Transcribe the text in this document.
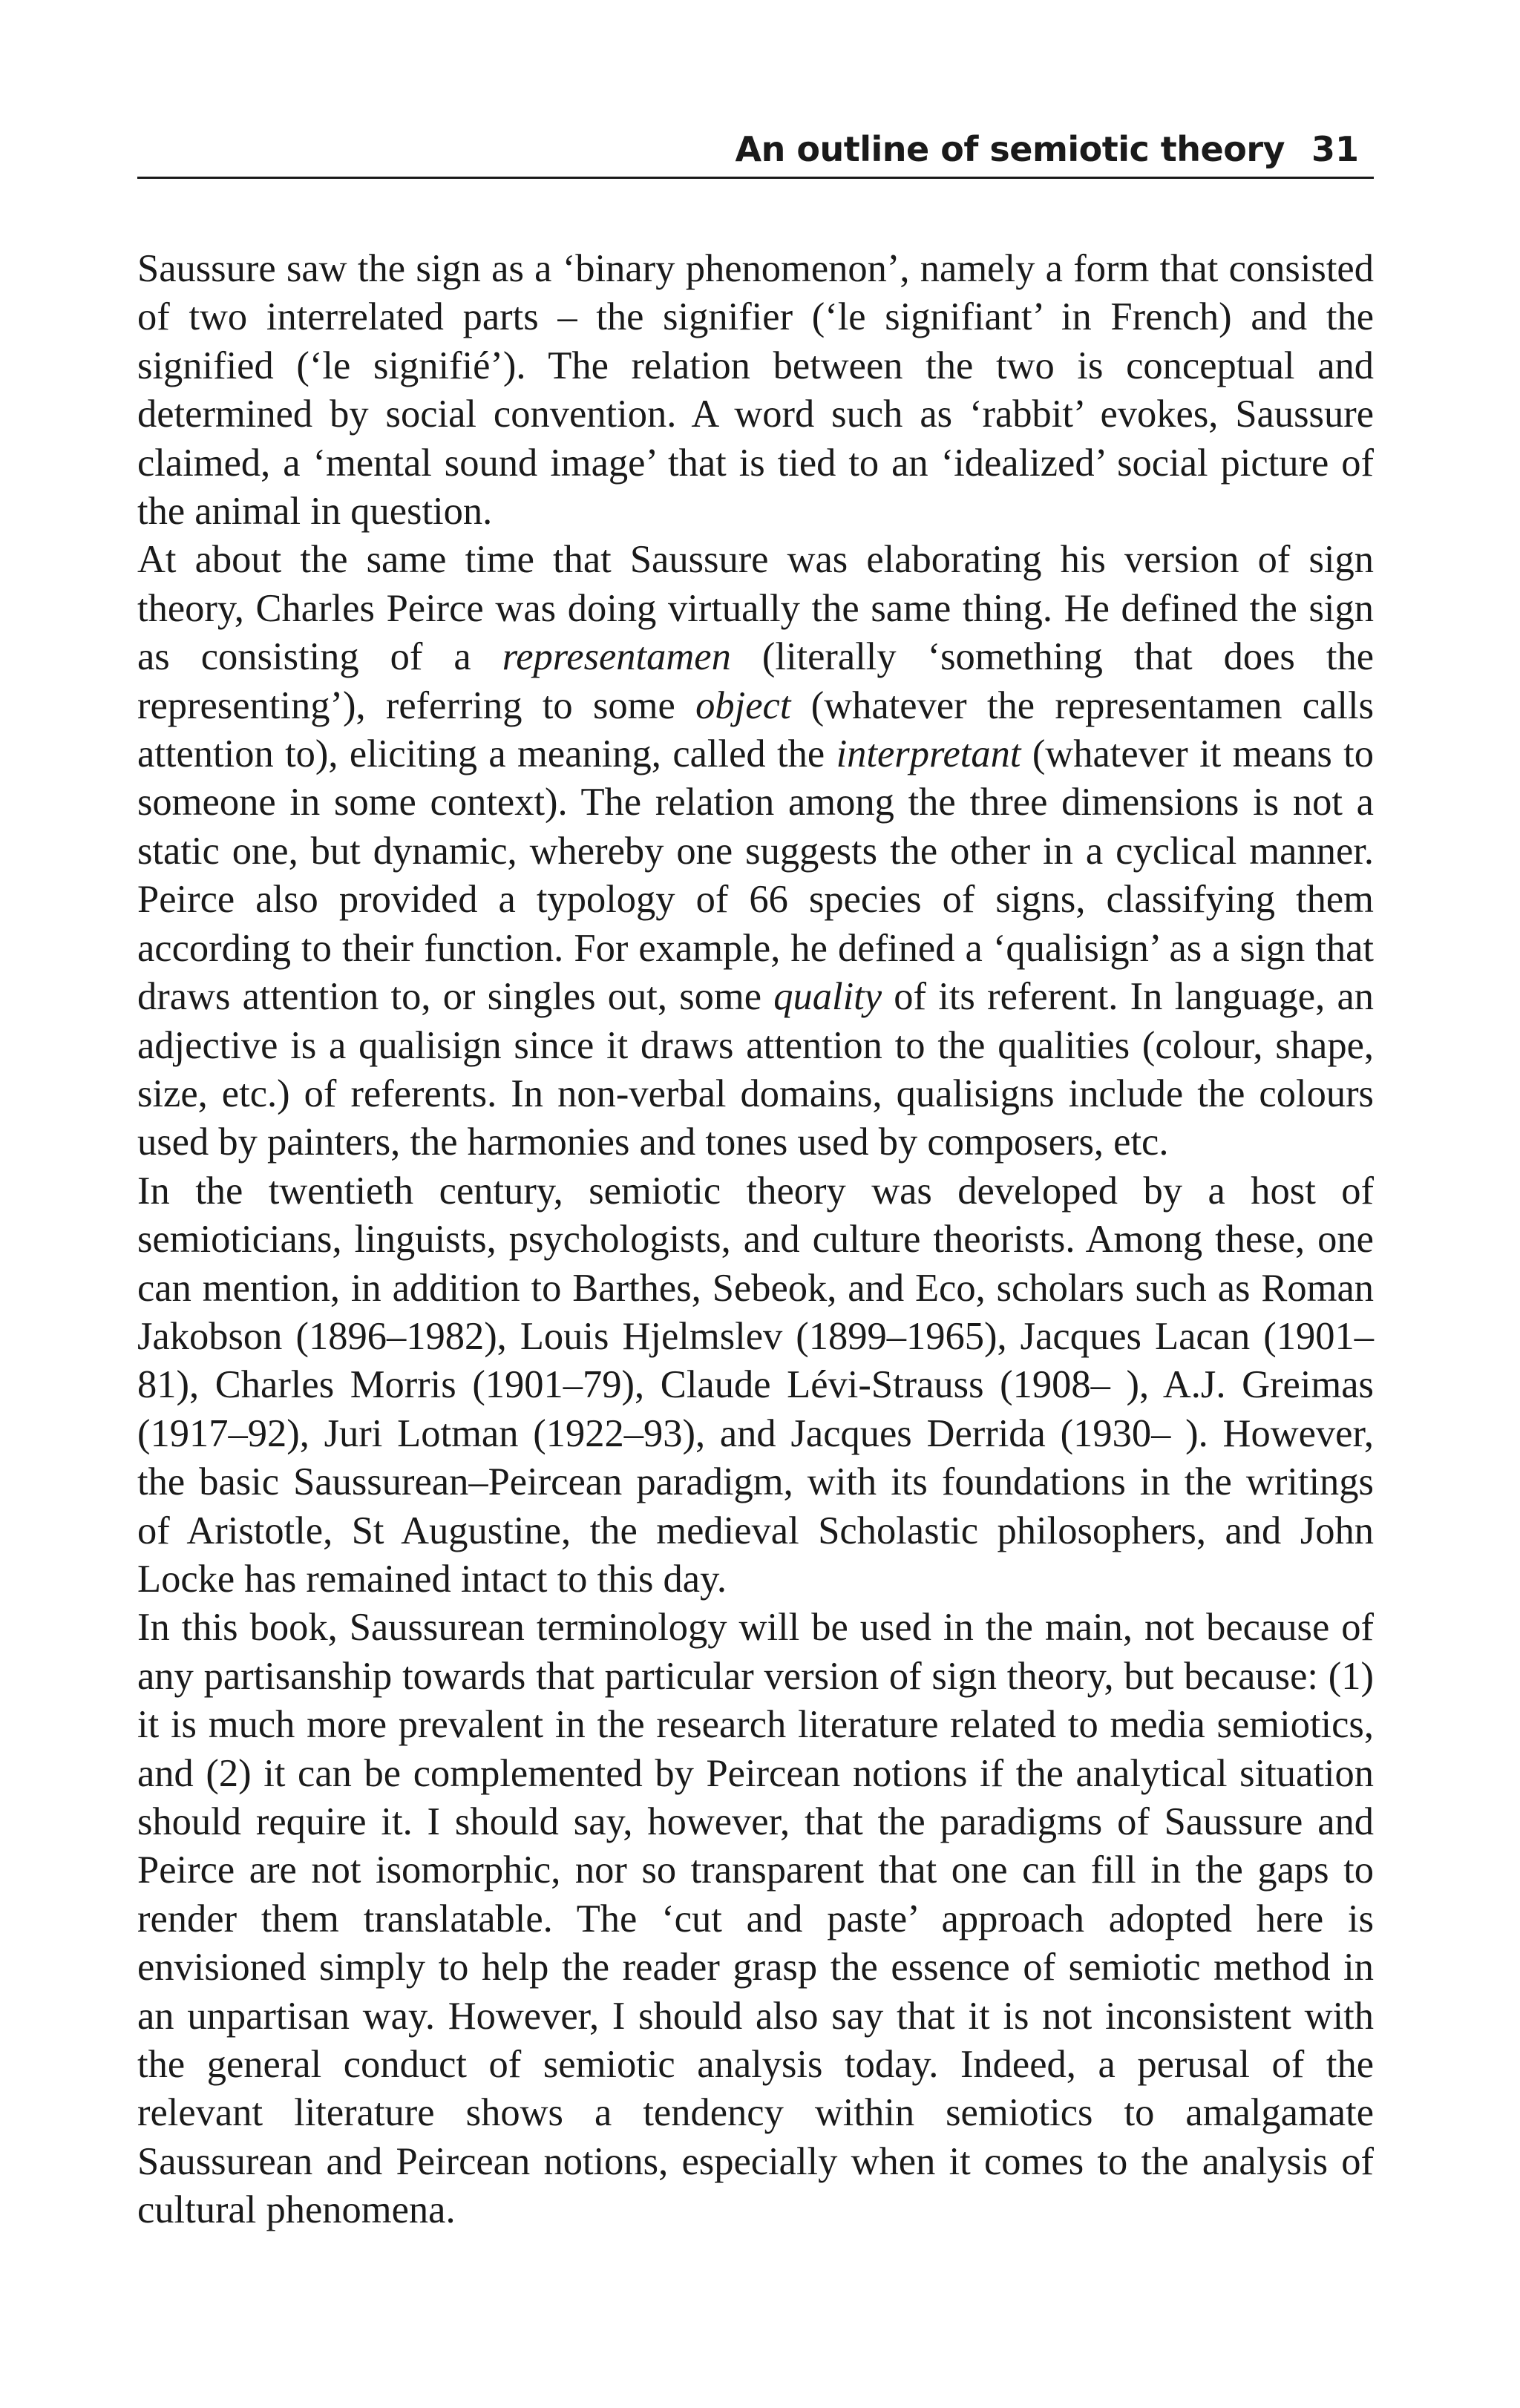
An outline of semiotic theory 31

Saussure saw the sign as a ‘binary phenomenon’, namely a form that consisted of two interrelated parts – the signifier (‘le signifiant’ in French) and the signified (‘le signifié’). The relation between the two is conceptual and determined by social convention. A word such as ‘rabbit’ evokes, Saussure claimed, a ‘mental sound image’ that is tied to an ‘idealized’ social picture of the animal in question.

At about the same time that Saussure was elaborating his version of sign theory, Charles Peirce was doing virtually the same thing. He defined the sign as consisting of a representamen (literally ‘something that does the representing’), referring to some object (whatever the representamen calls attention to), eliciting a meaning, called the interpretant (whatever it means to someone in some context). The relation among the three dimensions is not a static one, but dynamic, whereby one suggests the other in a cyclical manner. Peirce also provided a typology of 66 species of signs, classifying them according to their function. For example, he defined a ‘qualisign’ as a sign that draws attention to, or singles out, some quality of its referent. In language, an adjective is a qualisign since it draws attention to the qualities (colour, shape, size, etc.) of referents. In non-verbal domains, qualisigns include the colours used by painters, the harmonies and tones used by composers, etc.

In the twentieth century, semiotic theory was developed by a host of semioticians, linguists, psychologists, and culture theorists. Among these, one can mention, in addition to Barthes, Sebeok, and Eco, scholars such as Roman Jakobson (1896–1982), Louis Hjelmslev (1899–1965), Jacques Lacan (1901–81), Charles Morris (1901–79), Claude Lévi-Strauss (1908– ), A.J. Greimas (1917–92), Juri Lotman (1922–93), and Jacques Derrida (1930– ). However, the basic Saussurean–Peircean paradigm, with its foundations in the writings of Aristotle, St Augustine, the medieval Scholastic philosophers, and John Locke has remained intact to this day.

In this book, Saussurean terminology will be used in the main, not because of any partisanship towards that particular version of sign theory, but because: (1) it is much more prevalent in the research literature related to media semiotics, and (2) it can be complemented by Peircean notions if the analytical situation should require it. I should say, however, that the paradigms of Saussure and Peirce are not isomorphic, nor so transparent that one can fill in the gaps to render them translatable. The ‘cut and paste’ approach adopted here is envisioned simply to help the reader grasp the essence of semiotic method in an unpartisan way. However, I should also say that it is not inconsistent with the general conduct of semiotic analysis today. Indeed, a perusal of the relevant literature shows a tendency within semiotics to amalgamate Saussurean and Peircean notions, especially when it comes to the analysis of cultural phenomena.
